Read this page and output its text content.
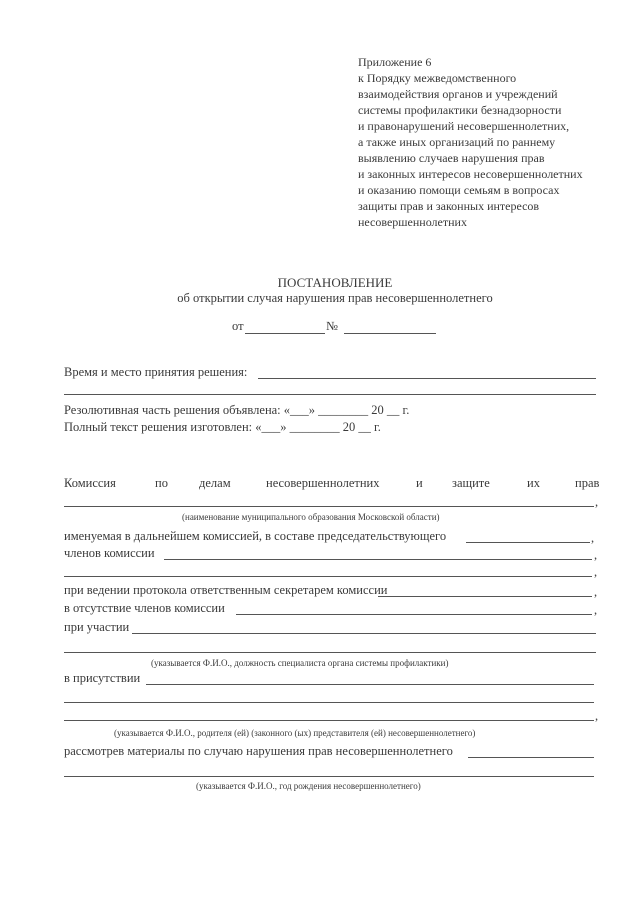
Приложение 6
к Порядку межведомственного
взаимодействия органов и учреждений
системы профилактики безнадзорности
и правонарушений несовершеннолетних,
а также иных организаций по раннему
выявлению случаев нарушения прав
и законных интересов несовершеннолетних
и оказанию помощи семьям в вопросах
защиты прав и законных интересов
несовершеннолетних
ПОСТАНОВЛЕНИЕ
об открытии случая нарушения прав несовершеннолетнего
от	№
Время и место принятия решения:
Резолютивная часть решения объявлена: «___» ________ 20 __ г.
Полный текст решения изготовлен: «___» ________ 20 __ г.
Комиссия	по делам	несовершеннолетних	и защите	их	прав
,
(наименование муниципального образования Московской области)
именуемая в дальнейшем комиссией, в составе председательствующего	,
членов комиссии	,
,
при ведении протокола ответственным секретарем комиссии	,
в отсутствие членов комиссии	,
при участии
(указывается Ф.И.О., должность специалиста органа системы профилактики)
в присутствии
,
(указывается Ф.И.О., родителя (ей) (законного (ых) представителя (ей) несовершеннолетнего)
рассмотрев материалы по случаю нарушения прав несовершеннолетнего
(указывается Ф.И.О., год рождения несовершеннолетнего)
